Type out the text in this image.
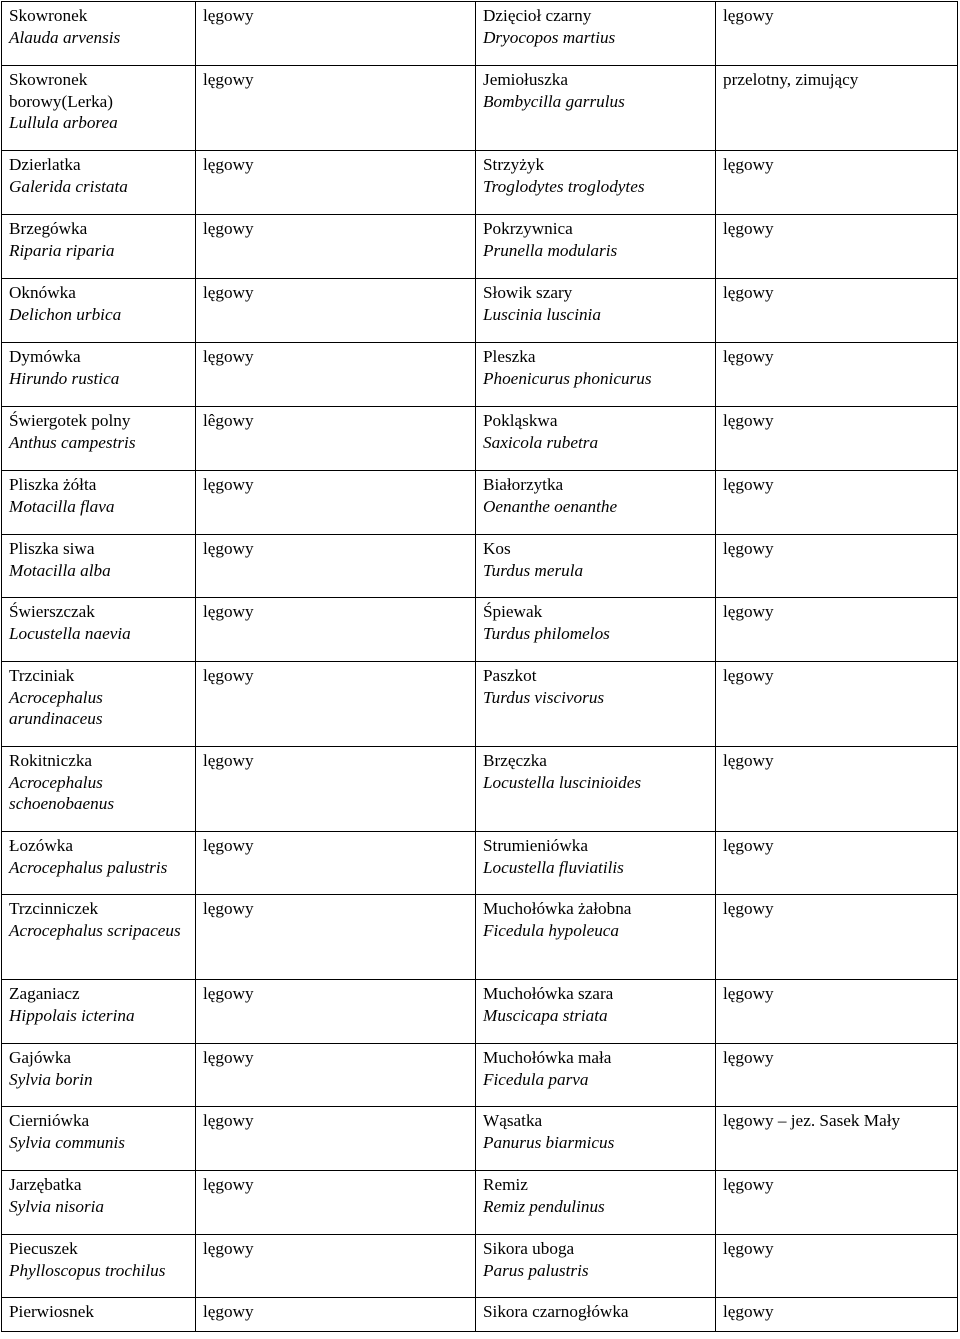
Skowronek
Alauda arvensis	lęgowy	Dzięcioł czarny
Dryocopos martius	lęgowy

Skowronek borowy(Lerka)
Lullula arborea	lęgowy	Jemiołuszka
Bombycilla garrulus	przelotny, zimujący

Dzierlatka
Galerida cristata	lęgowy	Strzyżyk
Troglodytes troglodytes	lęgowy

Brzegówka
Riparia riparia	lęgowy	Pokrzywnica
Prunella modularis	lęgowy

Oknówka
Delichon urbica	lęgowy	Słowik szary
Luscinia luscinia	lęgowy

Dymówka
Hirundo rustica	lęgowy	Pleszka
Phoenicurus phonicurus	lęgowy

Świergotek polny
Anthus campestris	lêgowy	Pokląskwa
Saxicola rubetra	lęgowy

Pliszka żółta
Motacilla flava	lęgowy	Białorzytka
Oenanthe oenanthe	lęgowy

Pliszka siwa
Motacilla alba	lęgowy	Kos
Turdus merula	lęgowy

Świerszczak
Locustella naevia	lęgowy	Śpiewak
Turdus philomelos	lęgowy

Trzciniak
Acrocephalus arundinaceus	lęgowy	Paszkot
Turdus viscivorus	lęgowy

Rokitniczka
Acrocephalus schoenobaenus	lęgowy	Brzęczka
Locustella luscinioides	lęgowy

Łozówka
Acrocephalus palustris	lęgowy	Strumieniówka
Locustella fluviatilis	lęgowy

Trzcinniczek
Acrocephalus scripaceus	lęgowy	Muchołówka żałobna
Ficedula hypoleuca	lęgowy

Zaganiacz
Hippolais icterina	lęgowy	Muchołówka szara
Muscicapa striata	lęgowy

Gajówka
Sylvia borin	lęgowy	Muchołówka mała
Ficedula parva	lęgowy

Cierniówka
Sylvia communis	lęgowy	Wąsatka
Panurus biarmicus	lęgowy – jez. Sasek Mały

Jarzębatka
Sylvia nisoria	lęgowy	Remiz
Remiz pendulinus	lęgowy

Piecuszek
Phylloscopus trochilus	lęgowy	Sikora uboga
Parus palustris	lęgowy

Pierwiosnek	lęgowy	Sikora czarnogłówka	lęgowy
